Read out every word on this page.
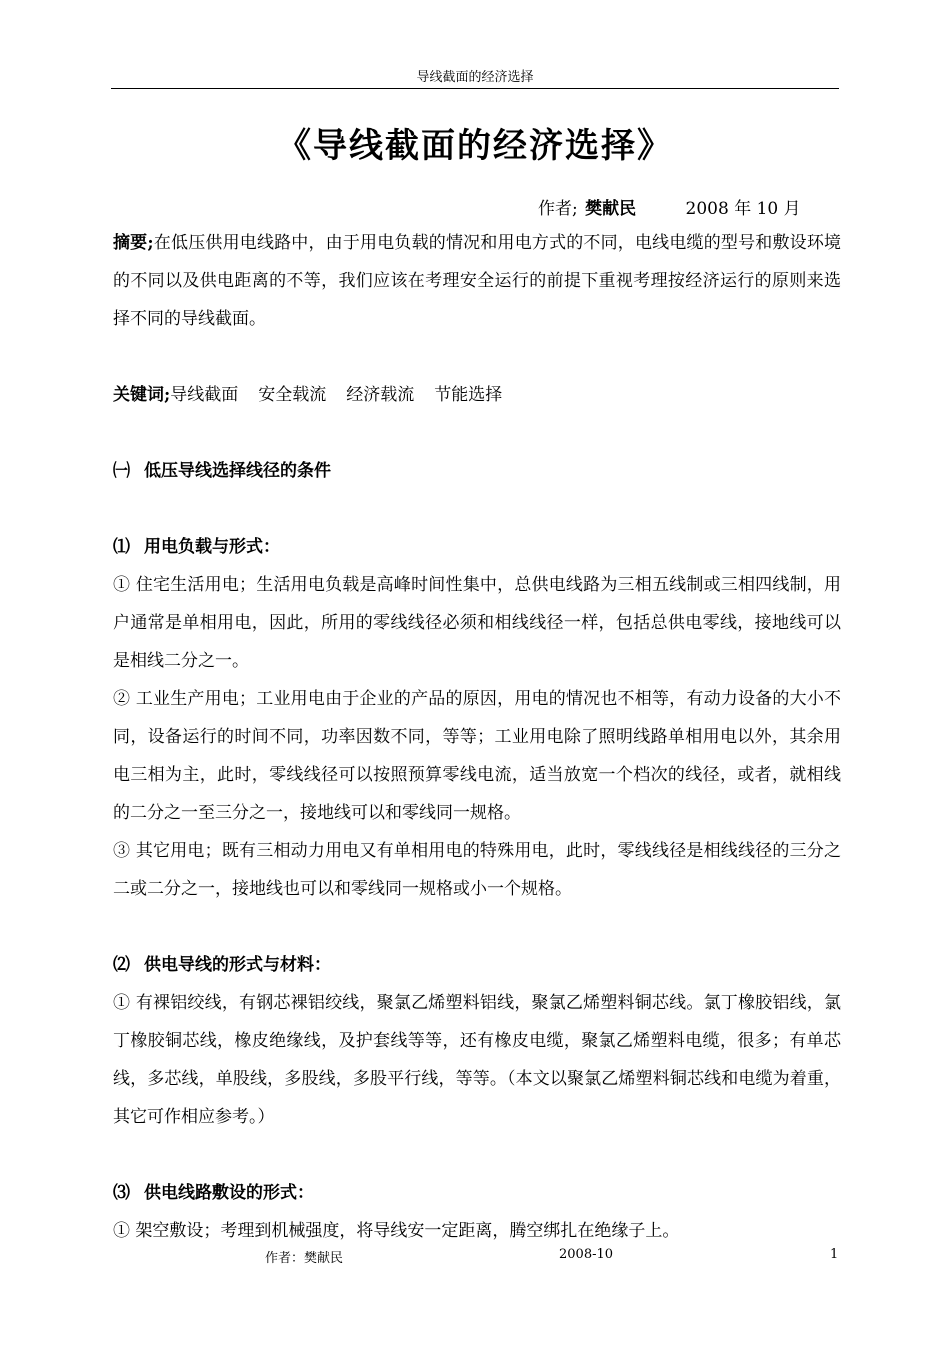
导线截面的经济选择
《导线截面的经济选择》
作者; 樊献民	2008 年 10 月

摘要;在低压供用电线路中，由于用电负载的情况和用电方式的不同，电线电缆的型号和敷设环境的不同以及供电距离的不等，我们应该在考理安全运行的前提下重视考理按经济运行的原则来选择不同的导线截面。

关键词;导线截面 安全载流 经济载流 节能选择

㈠ 低压导线选择线径的条件

⑴ 用电负载与形式：

① 住宅生活用电；生活用电负载是高峰时间性集中，总供电线路为三相五线制或三相四线制，用户通常是单相用电，因此，所用的零线线径必须和相线线径一样，包括总供电零线，接地线可以是相线二分之一。

② 工业生产用电；工业用电由于企业的产品的原因，用电的情况也不相等，有动力设备的大小不同，设备运行的时间不同，功率因数不同，等等；工业用电除了照明线路单相用电以外，其余用电三相为主，此时，零线线径可以按照预算零线电流，适当放宽一个档次的线径，或者，就相线的二分之一至三分之一，接地线可以和零线同一规格。

③ 其它用电；既有三相动力用电又有单相用电的特殊用电，此时，零线线径是相线线径的三分之二或二分之一，接地线也可以和零线同一规格或小一个规格。

⑵ 供电导线的形式与材料：

① 有裸铝绞线，有钢芯裸铝绞线，聚氯乙烯塑料铝线，聚氯乙烯塑料铜芯线。氯丁橡胶铝线，氯丁橡胶铜芯线，橡皮绝缘线，及护套线等等，还有橡皮电缆，聚氯乙烯塑料电缆，很多；有单芯线，多芯线，单股线，多股线，多股平行线，等等。（本文以聚氯乙烯塑料铜芯线和电缆为着重，其它可作相应参考。）

⑶ 供电线路敷设的形式：

① 架空敷设；考理到机械强度，将导线安一定距离，腾空绑扎在绝缘子上。

作者：樊献民	2008-10	1
